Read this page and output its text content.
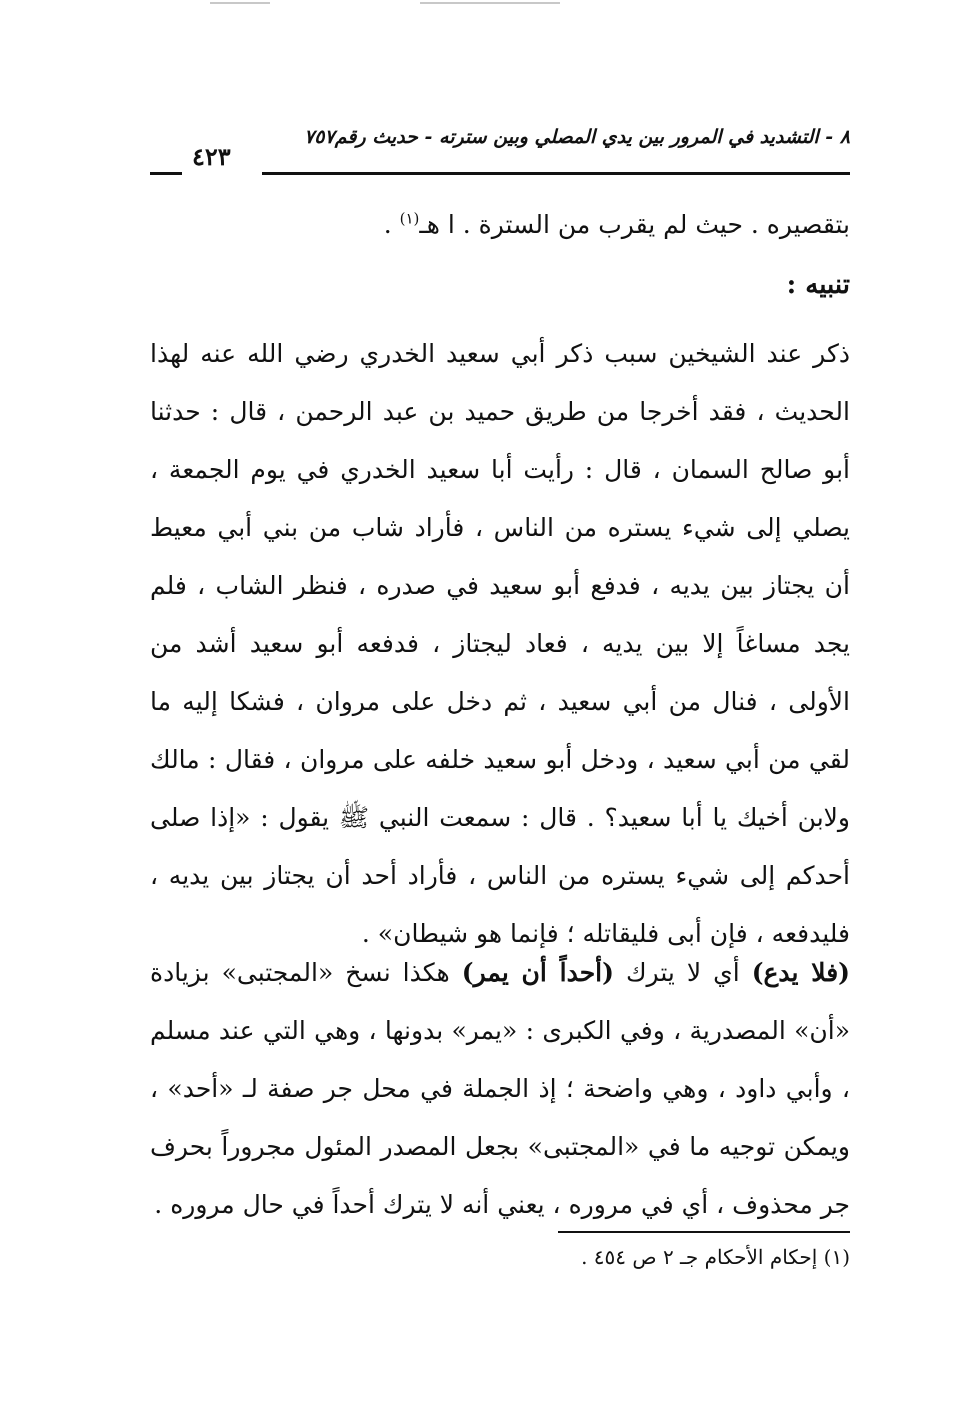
٨ - التشديد في المرور بين يدي المصلي وبين سترته - حديث رقم٧٥٧
٤٢٣
بتقصيره . حيث لم يقرب من السترة . ا هـ$^{(١)}$ .
تنبيه :
ذكر عند الشيخين سبب ذكر أبي سعيد الخدري رضي الله عنه لهذا الحديث ، فقد أخرجا من طريق حميد بن عبد الرحمن ، قال : حدثنا أبو صالح السمان ، قال : رأيت أبا سعيد الخدري في يوم الجمعة ، يصلي إلى شيء يستره من الناس ، فأراد شاب من بني أبي معيط أن يجتاز بين يديه ، فدفع أبو سعيد في صدره ، فنظر الشاب ، فلم يجد مساغاً إلا بين يديه ، فعاد ليجتاز ، فدفعه أبو سعيد أشد من الأولى ، فنال من أبي سعيد ، ثم دخل على مروان ، فشكا إليه ما لقي من أبي سعيد ، ودخل أبو سعيد خلفه على مروان ، فقال : مالك ولابن أخيك يا أبا سعيد؟ . قال : سمعت النبي ﷺ يقول : «إذا صلى أحدكم إلى شيء يستره من الناس ، فأراد أحد أن يجتاز بين يديه ، فليدفعه ، فإن أبى فليقاتله ؛ فإنما هو شيطان» .
(فلا يدع) أي لا يترك (أحداً أن يمر) هكذا نسخ «المجتبى» بزيادة «أن» المصدرية ، وفي الكبرى : «يمر» بدونها ، وهي التي عند مسلم ، وأبي داود ، وهي واضحة ؛ إذ الجملة في محل جر صفة لـ «أحد» ، ويمكن توجيه ما في «المجتبى» بجعل المصدر المئول مجروراً بحرف جر محذوف ، أي في مروره ، يعني أنه لا يترك أحداً في حال مروره .
(١) إحكام الأحكام جـ ٢ ص ٤٥٤ .
